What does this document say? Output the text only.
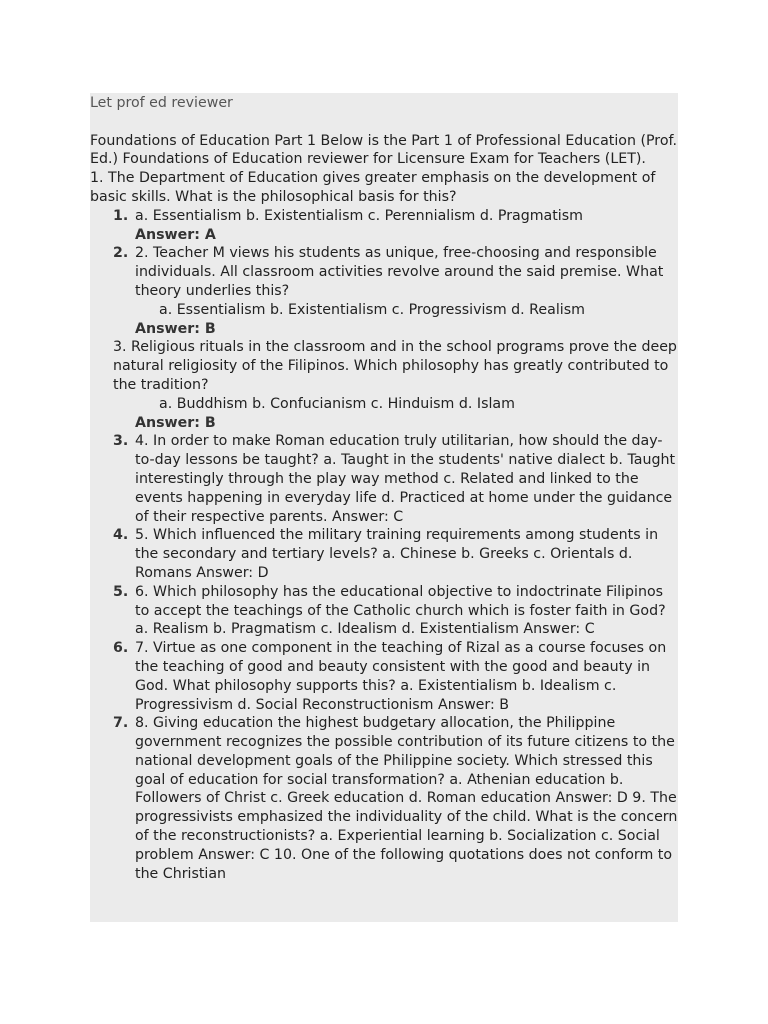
Let prof ed reviewer

Foundations of Education Part 1 Below is the Part 1 of Professional Education (Prof. Ed.) Foundations of Education reviewer for Licensure Exam for Teachers (LET).

1. The Department of Education gives greater emphasis on the development of basic skills. What is the philosophical basis for this?

1. a. Essentialism b. Existentialism c. Perennialism d. Pragmatism
Answer: A
2. 2. Teacher M views his students as unique, free-choosing and responsible individuals. All classroom activities revolve around the said premise. What theory underlies this?
a. Essentialism b. Existentialism c. Progressivism d. Realism
Answer: B

3. Religious rituals in the classroom and in the school programs prove the deep natural religiosity of the Filipinos. Which philosophy has greatly contributed to the tradition?

a. Buddhism b. Confucianism c. Hinduism d. Islam
Answer: B
3. 4. In order to make Roman education truly utilitarian, how should the day-to-day lessons be taught? a. Taught in the students' native dialect b. Taught interestingly through the play way method c. Related and linked to the events happening in everyday life d. Practiced at home under the guidance of their respective parents. Answer: C
4. 5. Which influenced the military training requirements among students in the secondary and tertiary levels? a. Chinese b. Greeks c. Orientals d. Romans Answer: D
5. 6. Which philosophy has the educational objective to indoctrinate Filipinos to accept the teachings of the Catholic church which is foster faith in God? a. Realism b. Pragmatism c. Idealism d. Existentialism Answer: C
6. 7. Virtue as one component in the teaching of Rizal as a course focuses on the teaching of good and beauty consistent with the good and beauty in God. What philosophy supports this? a. Existentialism b. Idealism c. Progressivism d. Social Reconstructionism Answer: B
7. 8. Giving education the highest budgetary allocation, the Philippine government recognizes the possible contribution of its future citizens to the national development goals of the Philippine society. Which stressed this goal of education for social transformation? a. Athenian education b. Followers of Christ c. Greek education d. Roman education Answer: D 9. The progressivists emphasized the individuality of the child. What is the concern of the reconstructionists? a. Experiential learning b. Socialization c. Social problem Answer: C 10. One of the following quotations does not conform to the Christian
